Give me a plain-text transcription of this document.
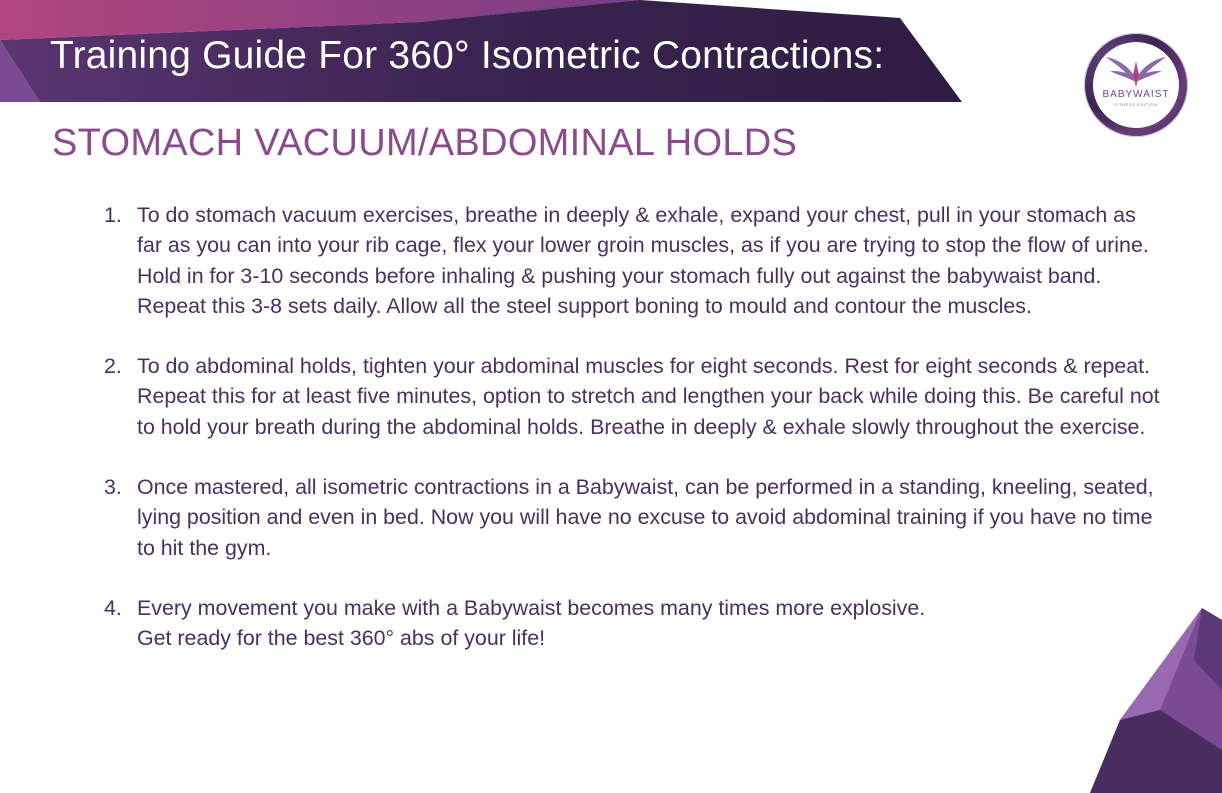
Training Guide For 360° Isometric Contractions:
BABYWAIST
FITNESS EDITION
STOMACH VACUUM/ABDOMINAL HOLDS
1. To do stomach vacuum exercises, breathe in deeply & exhale, expand your chest, pull in your stomach as far as you can into your rib cage, flex your lower groin muscles, as if you are trying to stop the flow of urine. Hold in for 3-10 seconds before inhaling & pushing your stomach fully out against the babywaist band. Repeat this 3-8 sets daily. Allow all the steel support boning to mould and contour the muscles.
2. To do abdominal holds, tighten your abdominal muscles for eight seconds. Rest for eight seconds & repeat. Repeat this for at least five minutes, option to stretch and lengthen your back while doing this. Be careful not to hold your breath during the abdominal holds. Breathe in deeply & exhale slowly throughout the exercise.
3. Once mastered, all isometric contractions in a Babywaist, can be performed in a standing, kneeling, seated, lying position and even in bed. Now you will have no excuse to avoid abdominal training if you have no time to hit the gym.
4. Every movement you make with a Babywaist becomes many times more explosive.
Get ready for the best 360° abs of your life!
